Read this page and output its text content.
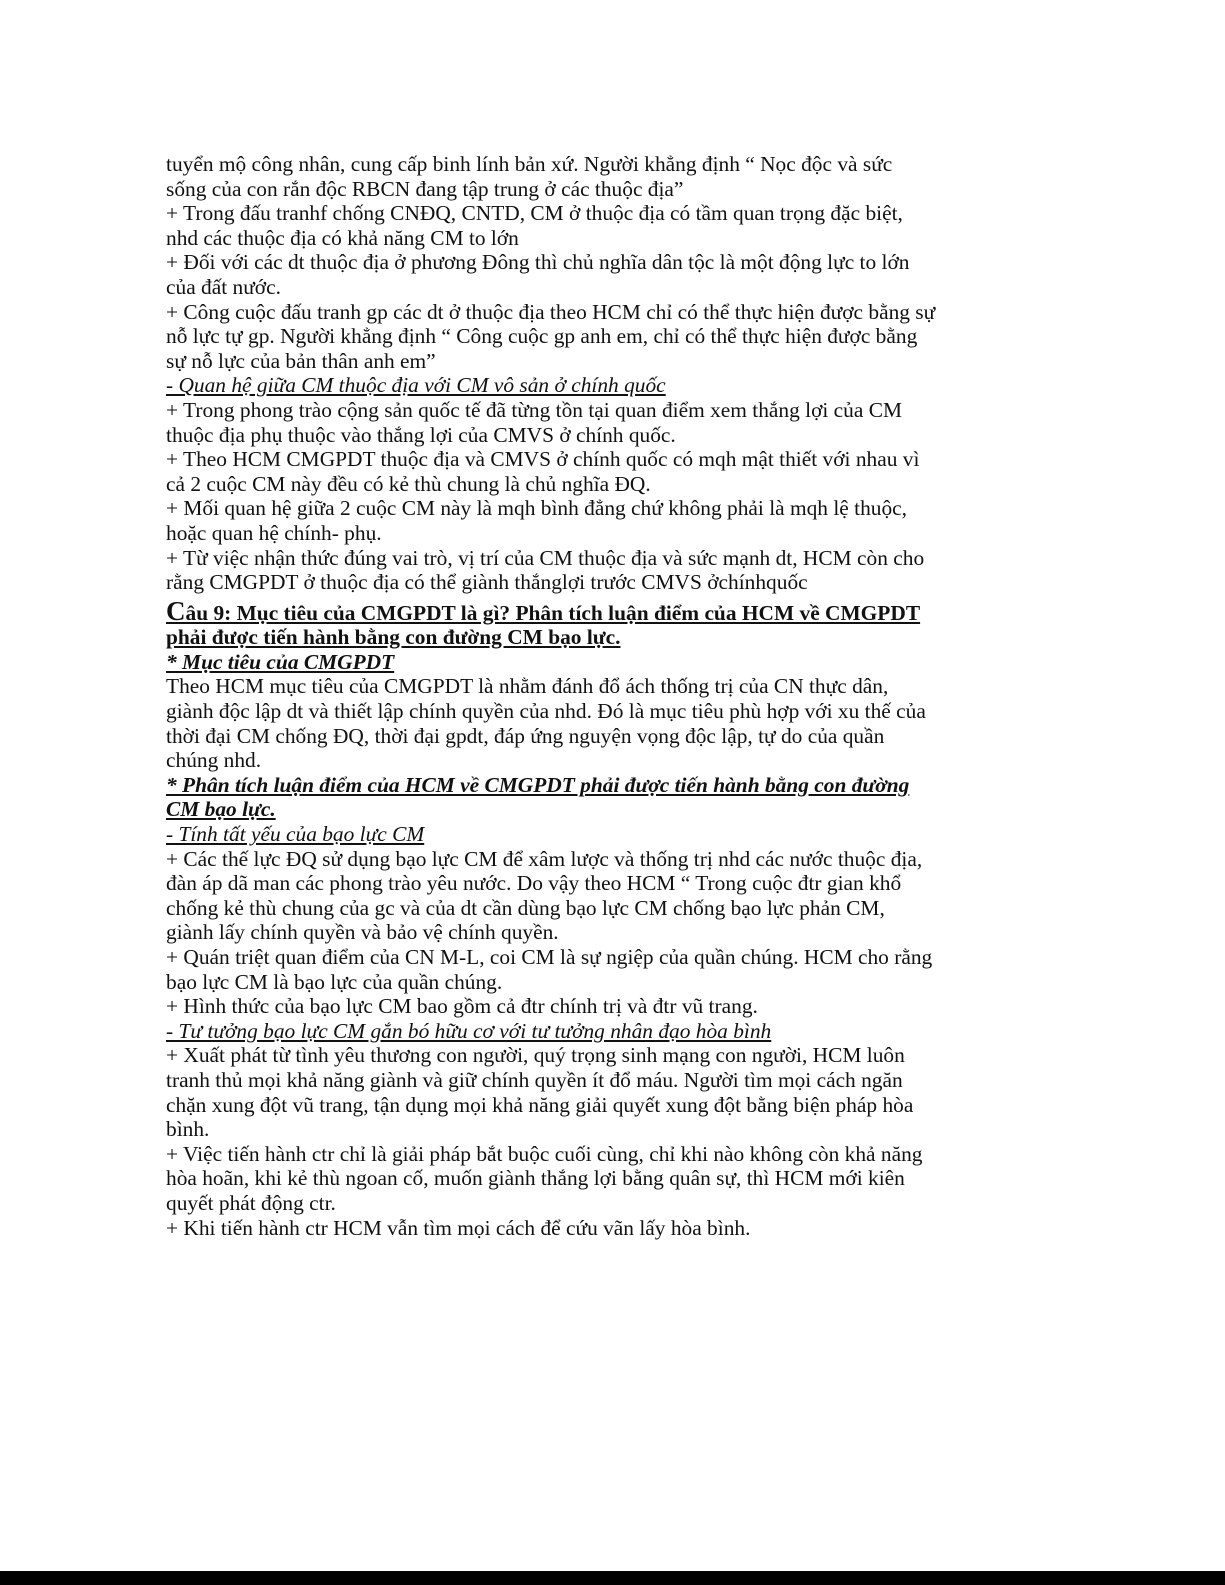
tuyển mộ công nhân, cung cấp binh lính bản xứ. Người khẳng định “ Nọc độc và sức
sống của con rắn độc RBCN đang tập trung ở các thuộc địa”
+ Trong đấu tranhf chống CNĐQ, CNTD, CM ở thuộc địa có tầm quan trọng đặc biệt,
nhd các thuộc địa có khả năng CM to lớn
+ Đối với các dt thuộc địa ở phương Đông thì chủ nghĩa dân tộc là một động lực to lớn
của đất nước.
+ Công cuộc đấu tranh gp các dt ở thuộc địa theo HCM chỉ có thể thực hiện được bằng sự
nỗ lực tự gp. Người khẳng định “ Công cuộc gp anh em, chỉ có thể thực hiện được bằng
sự nỗ lực của bản thân anh em”
- Quan hệ giữa CM thuộc địa với CM vô sản ở chính quốc
+ Trong phong trào cộng sản quốc tế đã từng tồn tại quan điểm xem thắng lợi của CM
thuộc địa phụ thuộc vào thắng lợi của CMVS ở chính quốc.
+ Theo HCM CMGPDT thuộc địa và CMVS ở chính quốc có mqh mật thiết với nhau vì
cả 2 cuộc CM này đều có kẻ thù chung là chủ nghĩa ĐQ.
+ Mối quan hệ giữa 2 cuộc CM này là mqh bình đẳng chứ không phải là mqh lệ thuộc,
hoặc quan hệ chính- phụ.
+ Từ việc nhận thức đúng vai trò, vị trí của CM thuộc địa và sức mạnh dt, HCM còn cho
rằng CMGPDT ở thuộc địa có thể giành thắnglợi trước CMVS ởchínhquốc
Câu 9: Mục tiêu của CMGPDT là gì? Phân tích luận điểm của HCM về CMGPDT
phải được tiến hành bằng con đường CM bạo lực.
* Mục tiêu của CMGPDT
Theo HCM mục tiêu của CMGPDT là nhằm đánh đổ ách thống trị của CN thực dân,
giành độc lập dt và thiết lập chính quyền của nhd. Đó là mục tiêu phù hợp với xu thế của
thời đại CM chống ĐQ, thời đại gpdt, đáp ứng nguyện vọng độc lập, tự do của quần
chúng nhd.
* Phân tích luận điểm của HCM về CMGPDT phải được tiến hành bằng con đường
CM bạo lực.
- Tính tất yếu của bạo lực CM
+ Các thế lực ĐQ sử dụng bạo lực CM để xâm lược và thống trị nhd các nước thuộc địa,
đàn áp dã man các phong trào yêu nước. Do vậy theo HCM “ Trong cuộc đtr gian khổ
chống kẻ thù chung của gc và của dt cần dùng bạo lực CM chống bạo lực phản CM,
giành lấy chính quyền và bảo vệ chính quyền.
+ Quán triệt quan điểm của CN M-L, coi CM là sự ngiệp của quần chúng. HCM cho rằng
bạo lực CM là bạo lực của quần chúng.
+ Hình thức của bạo lực CM bao gồm cả đtr chính trị và đtr vũ trang.
- Tư tưởng bạo lực CM gắn bó hữu cơ với tư tưởng nhân đạo hòa bình
+ Xuất phát từ tình yêu thương con người, quý trọng sinh mạng con người, HCM luôn
tranh thủ mọi khả năng giành và giữ chính quyền ít đổ máu. Người tìm mọi cách ngăn
chặn xung đột vũ trang, tận dụng mọi khả năng giải quyết xung đột bằng biện pháp hòa
bình.
+ Việc tiến hành ctr chỉ là giải pháp bắt buộc cuối cùng, chỉ khi nào không còn khả năng
hòa hoãn, khi kẻ thù ngoan cố, muốn giành thắng lợi bằng quân sự, thì HCM mới kiên
quyết phát động ctr.
+ Khi tiến hành ctr HCM vẫn tìm mọi cách để cứu vãn lấy hòa bình.
